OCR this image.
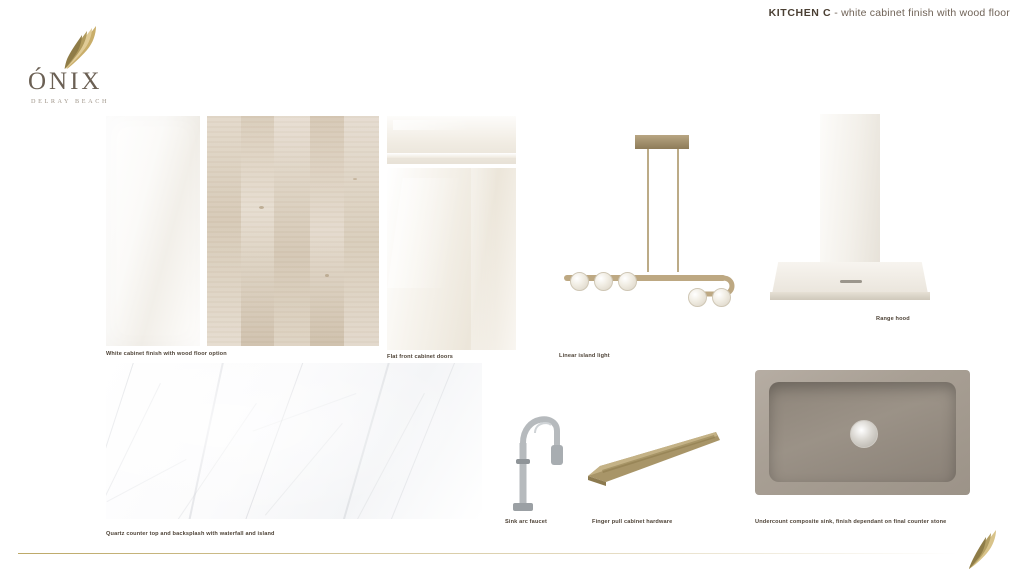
KITCHEN C - white cabinet finish with wood floor
ÓNIX
DELRAY BEACH
White cabinet finish with wood floor option	Flat front cabinet doors	Linear island light
Range hood
Quartz counter top and backsplash with waterfall and island
Sink arc faucet	Finger pull cabinet hardware	Undercount composite sink, finish dependant on final counter stone
